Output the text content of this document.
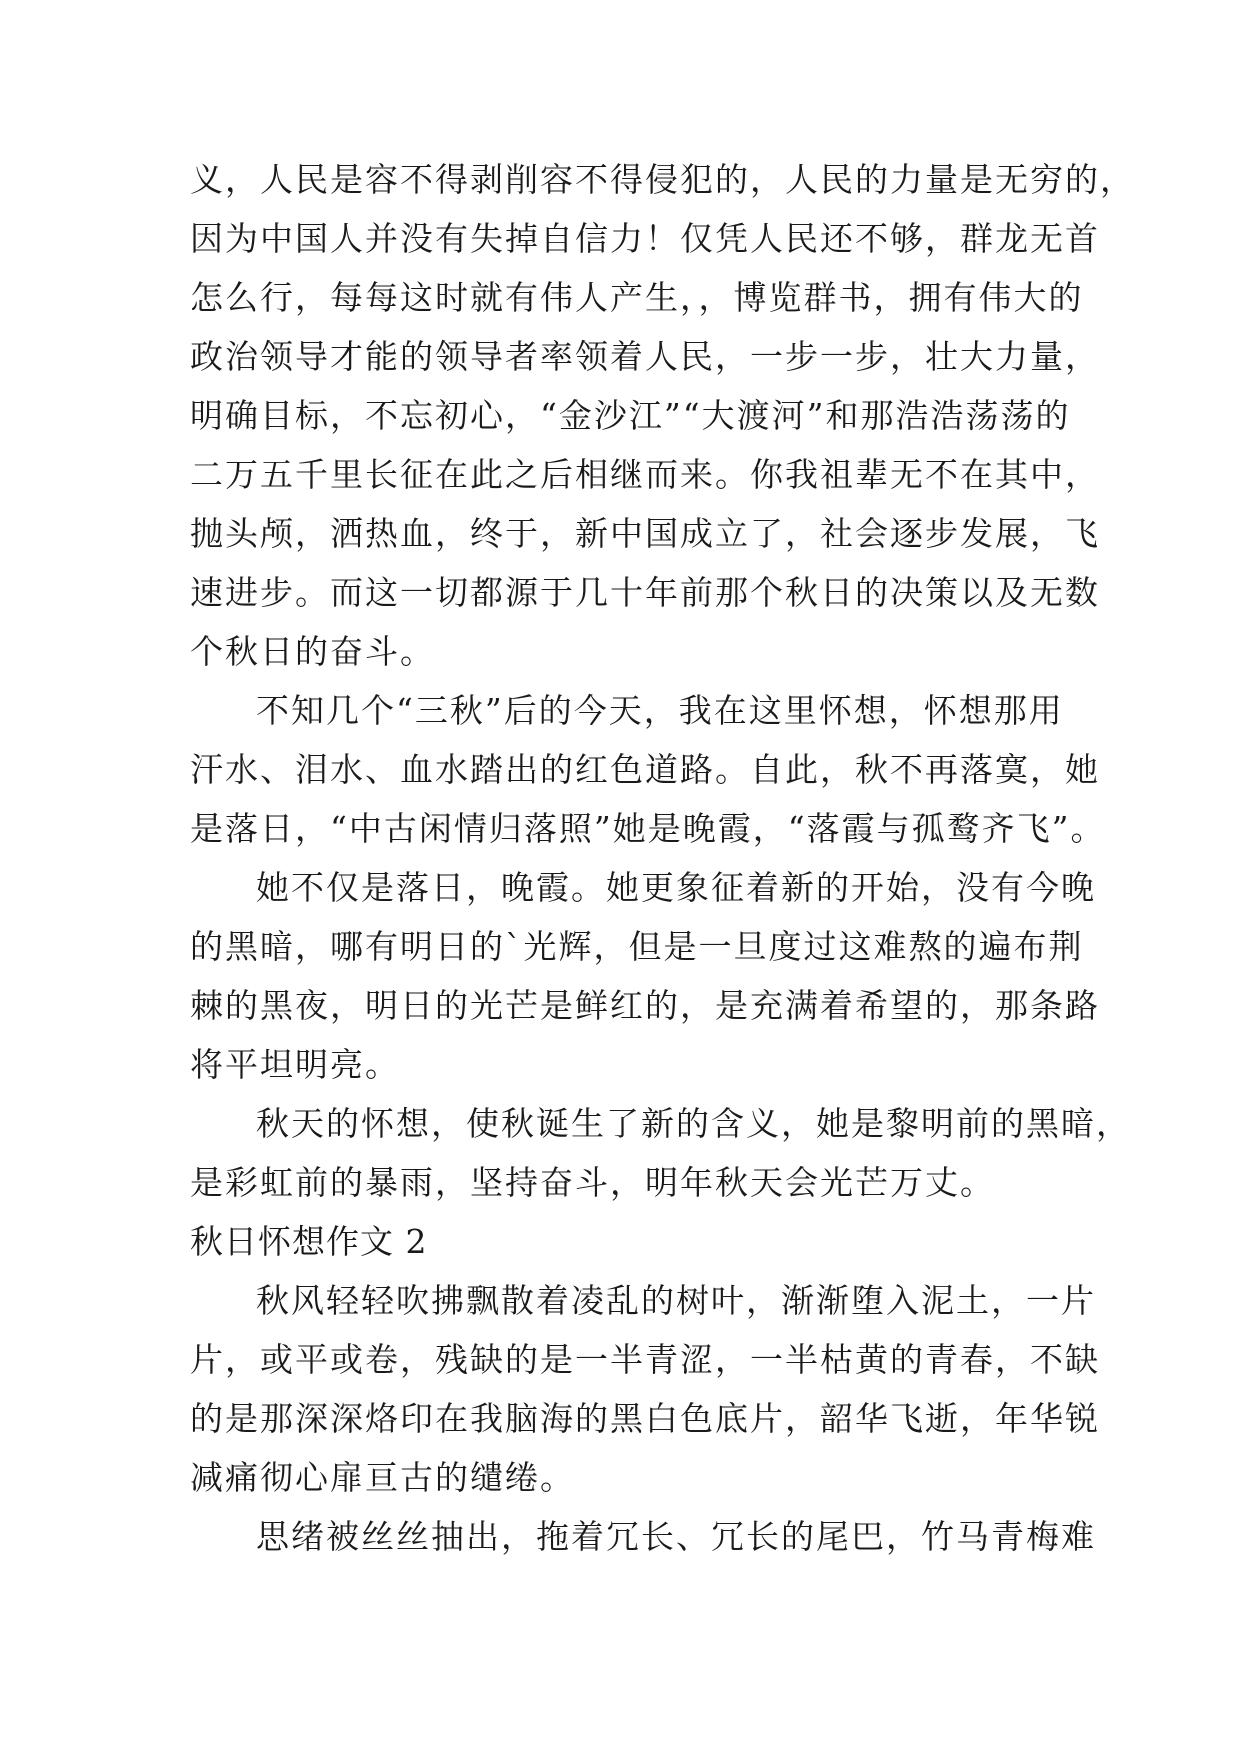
义，人民是容不得剥削容不得侵犯的，人民的力量是无穷的，
因为中国人并没有失掉自信力！仅凭人民还不够，群龙无首
怎么行，每每这时就有伟人产生，，博览群书，拥有伟大的
政治领导才能的领导者率领着人民，一步一步，壮大力量，
明确目标，不忘初心，“金沙江”“大渡河”和那浩浩荡荡的
二万五千里长征在此之后相继而来。你我祖辈无不在其中，
抛头颅，洒热血，终于，新中国成立了，社会逐步发展，飞
速进步。而这一切都源于几十年前那个秋日的决策以及无数
个秋日的奋斗。
不知几个“三秋”后的今天，我在这里怀想，怀想那用
汗水、泪水、血水踏出的红色道路。自此，秋不再落寞，她
是落日，“中古闲情归落照”她是晚霞，“落霞与孤鹜齐飞”。
她不仅是落日，晚霞。她更象征着新的开始，没有今晚
的黑暗，哪有明日的`光辉，但是一旦度过这难熬的遍布荆
棘的黑夜，明日的光芒是鲜红的，是充满着希望的，那条路
将平坦明亮。
秋天的怀想，使秋诞生了新的含义，她是黎明前的黑暗，
是彩虹前的暴雨，坚持奋斗，明年秋天会光芒万丈。
秋日怀想作文 2
秋风轻轻吹拂飘散着凌乱的树叶，渐渐堕入泥土，一片
片，或平或卷，残缺的是一半青涩，一半枯黄的青春，不缺
的是那深深烙印在我脑海的黑白色底片，韶华飞逝，年华锐
减痛彻心扉亘古的缱绻。
思绪被丝丝抽出，拖着冗长、冗长的尾巴，竹马青梅难
